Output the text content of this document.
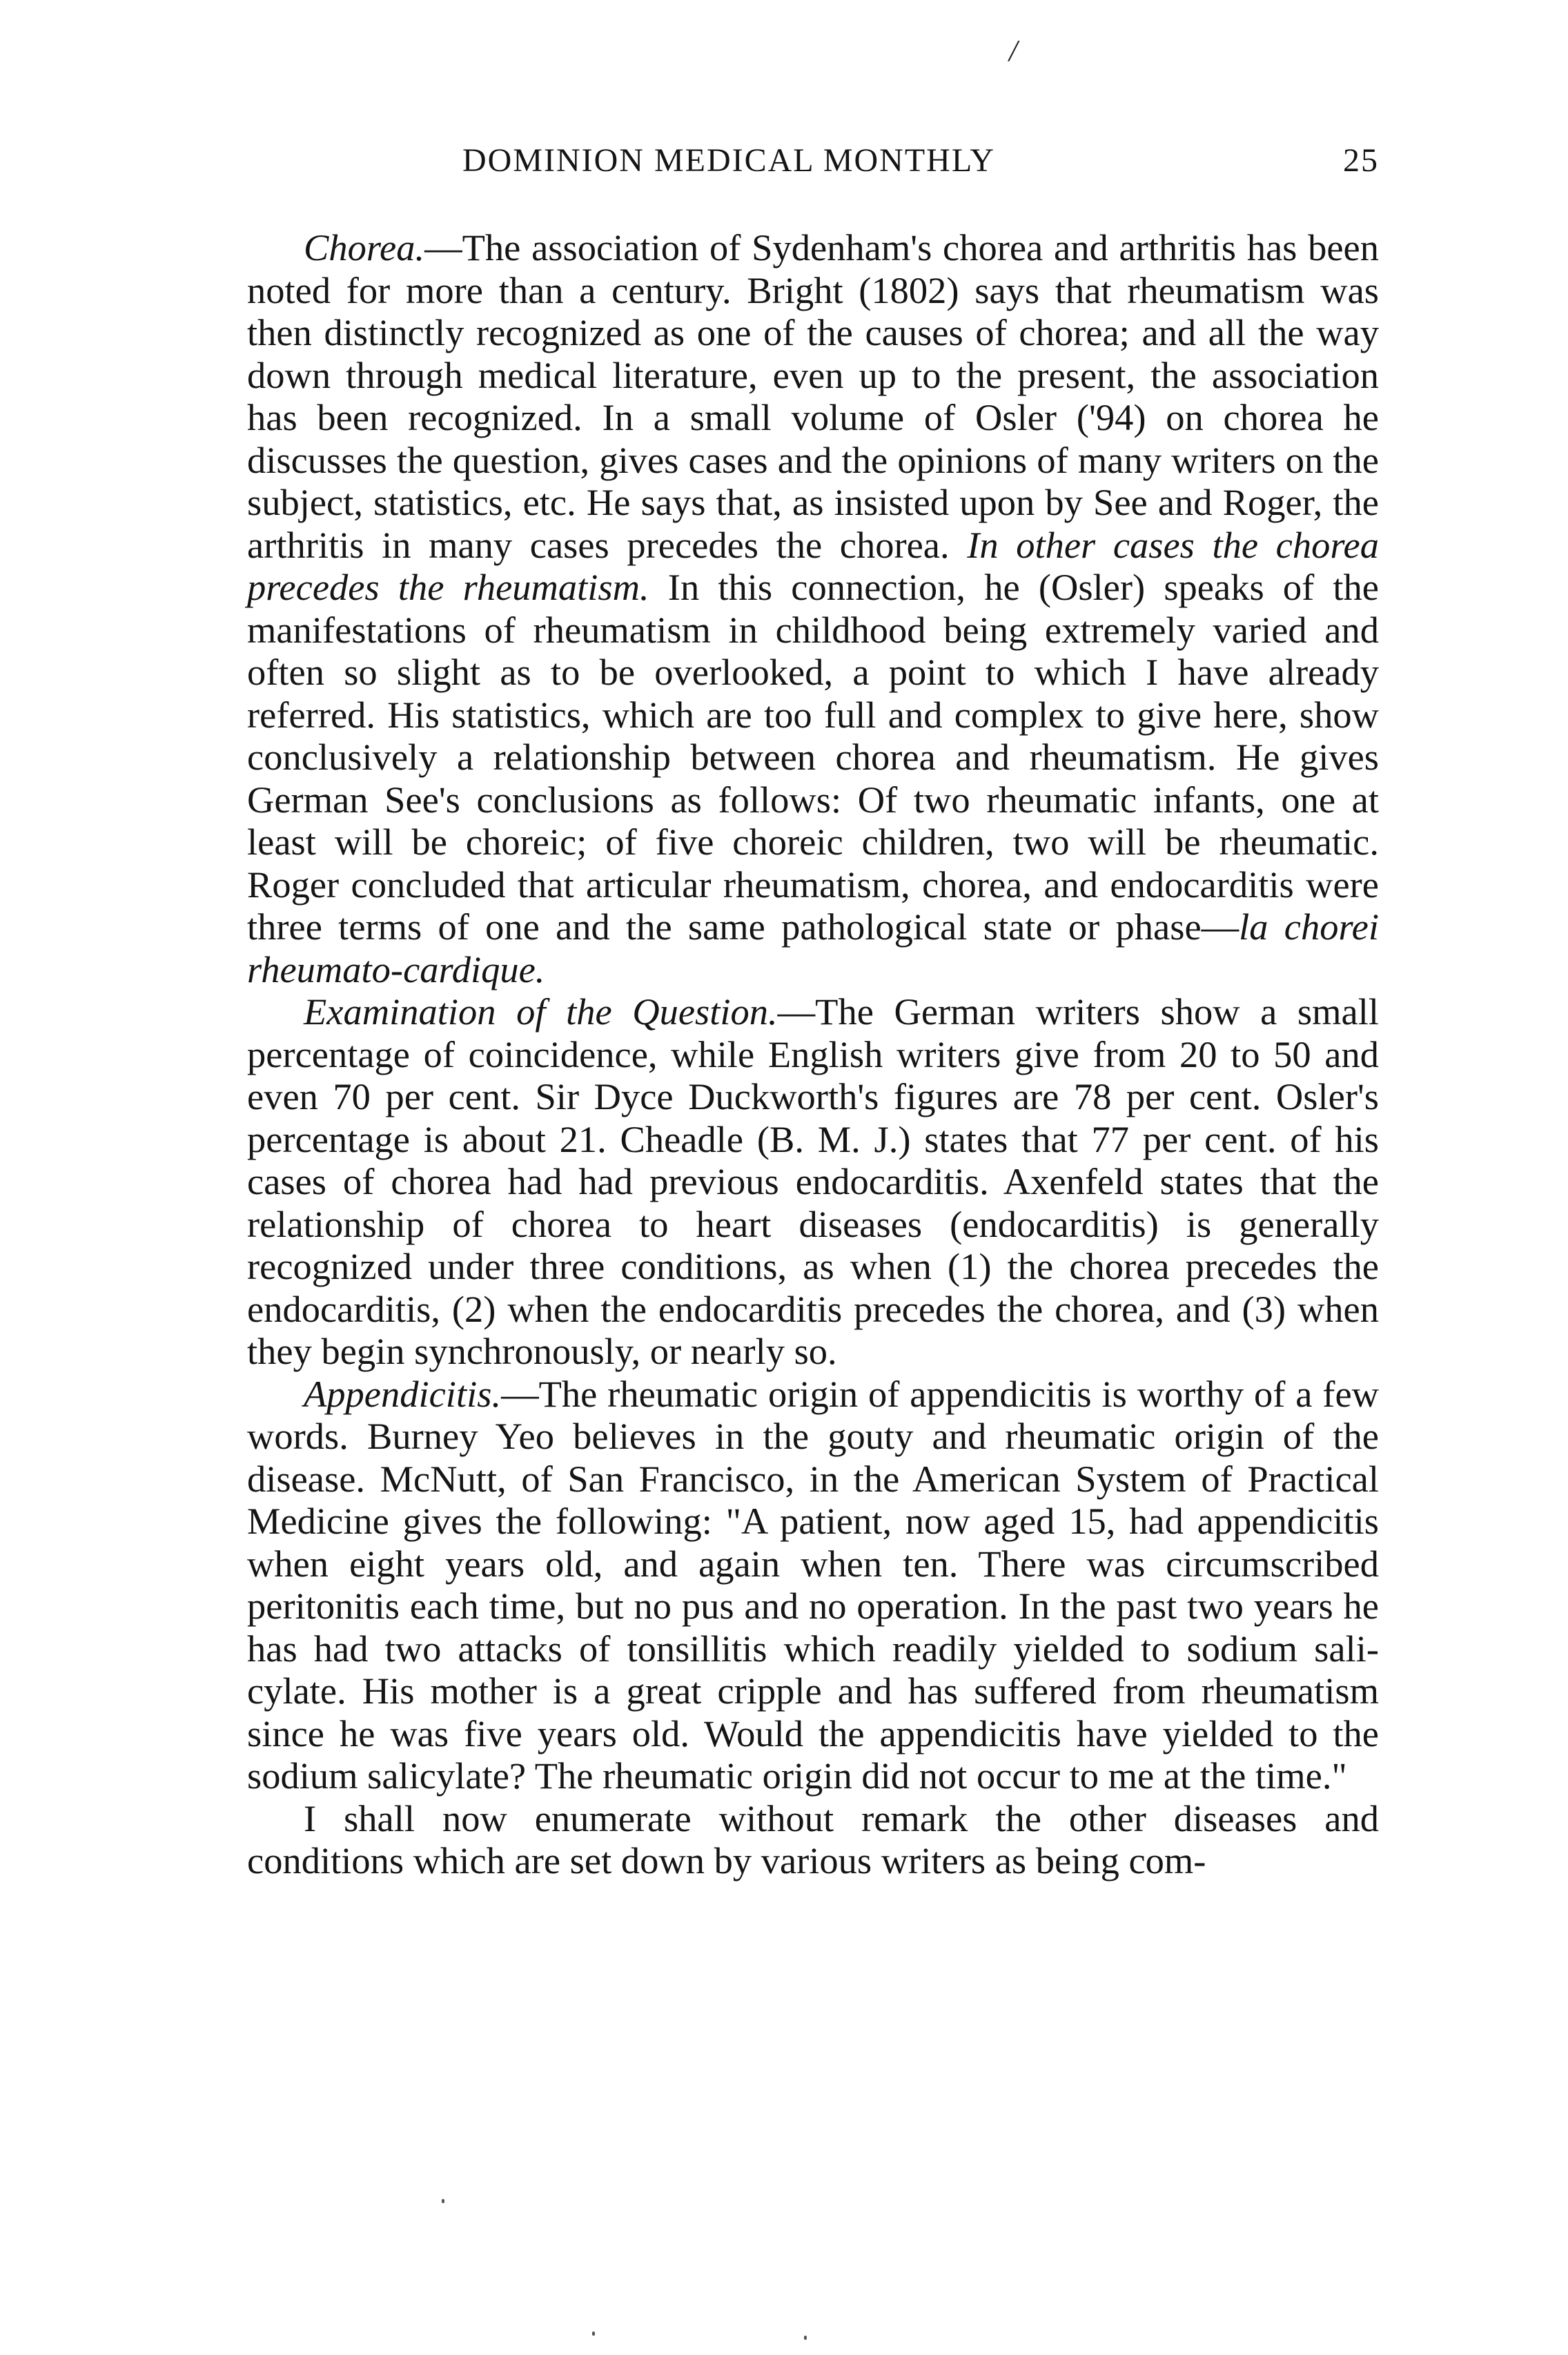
/
DOMINION MEDICAL MONTHLY	25

Chorea.—The association of Sydenham's chorea and arthritis has been noted for more than a century. Bright (1802) says that rheumatism was then distinctly recognized as one of the causes of chorea; and all the way down through medical literature, even up to the present, the association has been recognized. In a small volume of Osler ('94) on chorea he discusses the question, gives cases and the opinions of many writers on the subject, statistics, etc. He says that, as insisted upon by See and Roger, the arthritis in many cases precedes the chorea. In other cases the chorea precedes the rheumatism. In this connection, he (Osler) speaks of the manifestations of rheumatism in childhood being extremely varied and often so slight as to be overlooked, a point to which I have already referred. His statistics, which are too full and complex to give here, show conclusively a relationship between chorea and rheumatism. He gives German See's conclusions as follows: Of two rheumatic infants, one at least will be choreic; of five choreic children, two will be rheumatic. Roger concluded that articular rheumatism, chorea, and endocarditis were three terms of one and the same pathological state or phase—la chorei rheumato-cardique.

Examination of the Question.—The German writers show a small percentage of coincidence, while English writers give from 20 to 50 and even 70 per cent. Sir Dyce Duckworth's figures are 78 per cent. Osler's percentage is about 21. Cheadle (B. M. J.) states that 77 per cent. of his cases of chorea had had previous endocarditis. Axenfeld states that the relationship of chorea to heart diseases (endocarditis) is generally recognized under three conditions, as when (1) the chorea precedes the endocarditis, (2) when the endocarditis precedes the chorea, and (3) when they begin synchronously, or nearly so.

Appendicitis.—The rheumatic origin of appendicitis is worthy of a few words. Burney Yeo believes in the gouty and rheumatic origin of the disease. McNutt, of San Francisco, in the American System of Practical Medicine gives the following: "A patient, now aged 15, had appendicitis when eight years old, and again when ten. There was circumscribed peritonitis each time, but no pus and no operation. In the past two years he has had two attacks of tonsillitis which readily yielded to sodium salicylate. His mother is a great cripple and has suffered from rheumatism since he was five years old. Would the appendicitis have yielded to the sodium salicylate? The rheumatic origin did not occur to me at the time."

I shall now enumerate without remark the other diseases and conditions which are set down by various writers as being com-
